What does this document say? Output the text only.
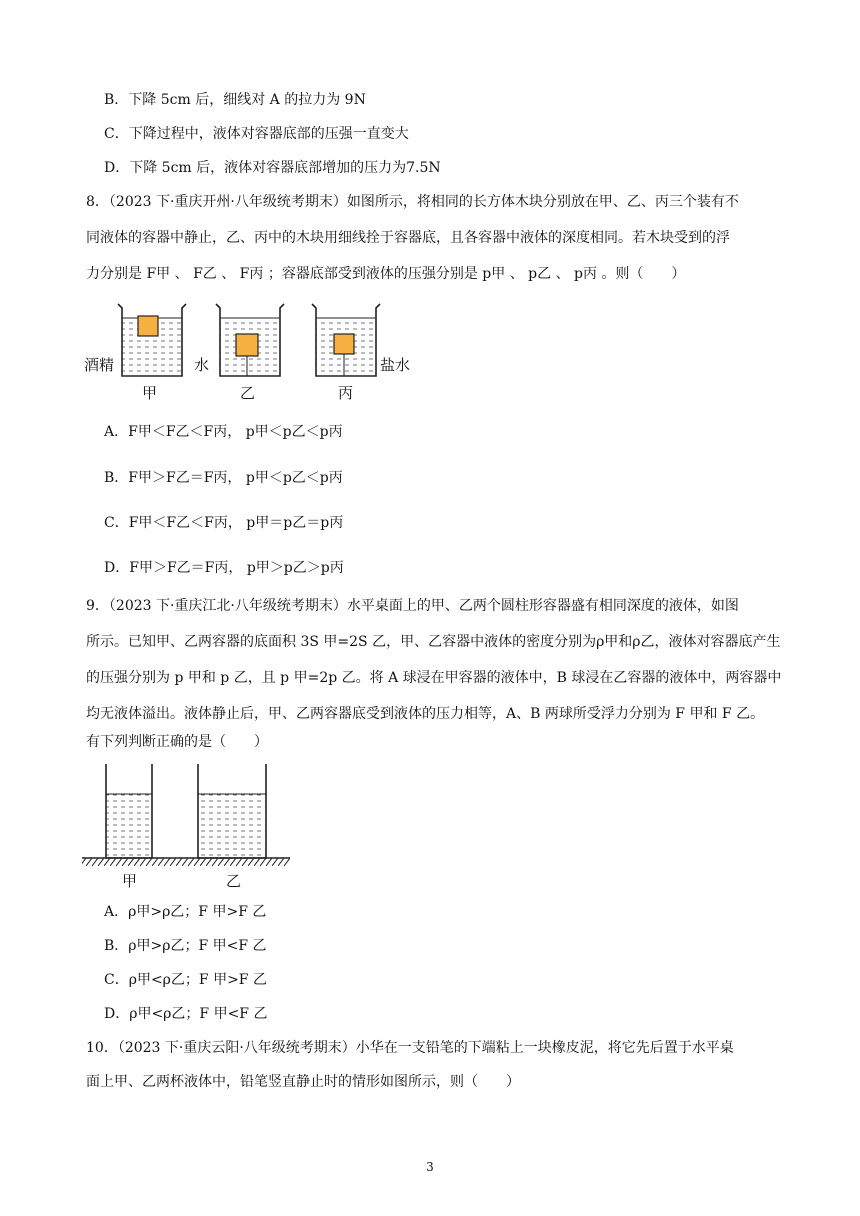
B．下降 5cm 后，细线对 A 的拉力为 9N
C．下降过程中，液体对容器底部的压强一直变大
D．下降 5cm 后，液体对容器底部增加的压力为7.5N
8．（2023 下·重庆开州·八年级统考期末）如图所示，将相同的长方体木块分别放在甲、乙、丙三个装有不
同液体的容器中静止，乙、丙中的木块用细线拴于容器底，且各容器中液体的深度相同。若木块受到的浮
力分别是 F甲 、 F乙 、 F丙 ；容器底部受到液体的压强分别是 p甲 、 p乙 、 p丙 。则（　　）
酒精	水	盐水
甲	乙	丙
A．F甲＜F乙＜F丙， p甲＜p乙＜p丙
B．F甲＞F乙＝F丙， p甲＜p乙＜p丙
C．F甲＜F乙＜F丙， p甲＝p乙＝p丙
D．F甲＞F乙＝F丙， p甲＞p乙＞p丙
9．（2023 下·重庆江北·八年级统考期末）水平桌面上的甲、乙两个圆柱形容器盛有相同深度的液体，如图
所示。已知甲、乙两容器的底面积 3S 甲=2S 乙，甲、乙容器中液体的密度分别为ρ甲和ρ乙，液体对容器底产生
的压强分别为 p 甲和 p 乙，且 p 甲=2p 乙。将 A 球浸在甲容器的液体中，B 球浸在乙容器的液体中，两容器中
均无液体溢出。液体静止后，甲、乙两容器底受到液体的压力相等，A、B 两球所受浮力分别为 F 甲和 F 乙。
有下列判断正确的是（　　）
甲	乙
A．ρ甲>ρ乙；F 甲>F 乙
B．ρ甲>ρ乙；F 甲<F 乙
C．ρ甲<ρ乙；F 甲>F 乙
D．ρ甲<ρ乙；F 甲<F 乙
10．（2023 下·重庆云阳·八年级统考期末）小华在一支铅笔的下端粘上一块橡皮泥，将它先后置于水平桌
面上甲、乙两杯液体中，铅笔竖直静止时的情形如图所示，则（　　）
3
